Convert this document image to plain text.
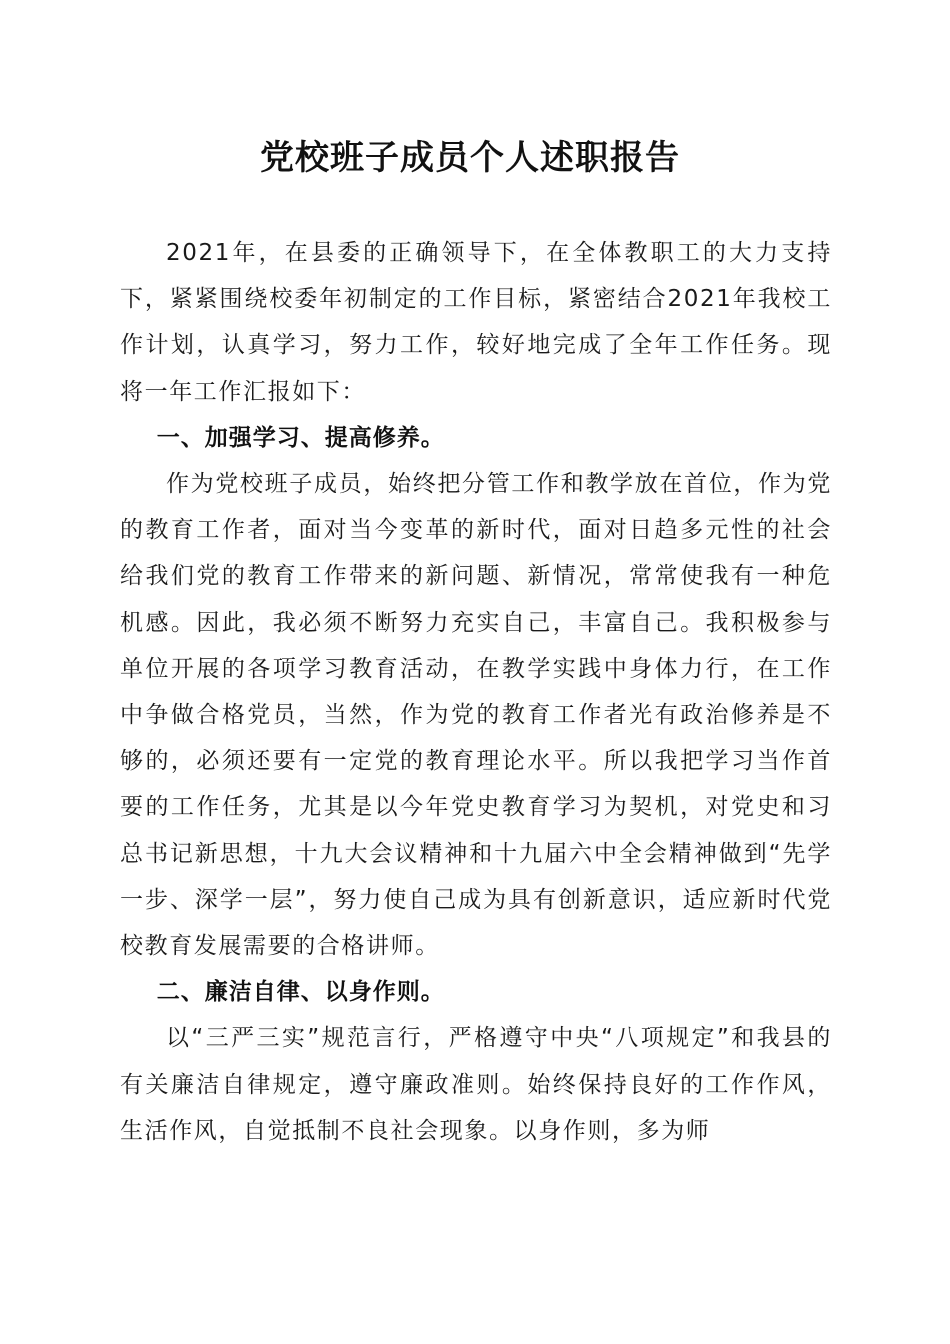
党校班子成员个人述职报告

2021年，在县委的正确领导下，在全体教职工的大力支持下，紧紧围绕校委年初制定的工作目标，紧密结合2021年我校工作计划，认真学习，努力工作，较好地完成了全年工作任务。现将一年工作汇报如下：

一、加强学习、提高修养。

作为党校班子成员，始终把分管工作和教学放在首位，作为党的教育工作者，面对当今变革的新时代，面对日趋多元性的社会给我们党的教育工作带来的新问题、新情况，常常使我有一种危机感。因此，我必须不断努力充实自己，丰富自己。我积极参与单位开展的各项学习教育活动，在教学实践中身体力行，在工作中争做合格党员，当然，作为党的教育工作者光有政治修养是不够的，必须还要有一定党的教育理论水平。所以我把学习当作首要的工作任务，尤其是以今年党史教育学习为契机，对党史和习总书记新思想，十九大会议精神和十九届六中全会精神做到“先学一步、深学一层”，努力使自己成为具有创新意识，适应新时代党校教育发展需要的合格讲师。

二、廉洁自律、以身作则。

以“三严三实”规范言行，严格遵守中央“八项规定”和我县的有关廉洁自律规定，遵守廉政准则。始终保持良好的工作作风，生活作风，自觉抵制不良社会现象。以身作则，多为师
